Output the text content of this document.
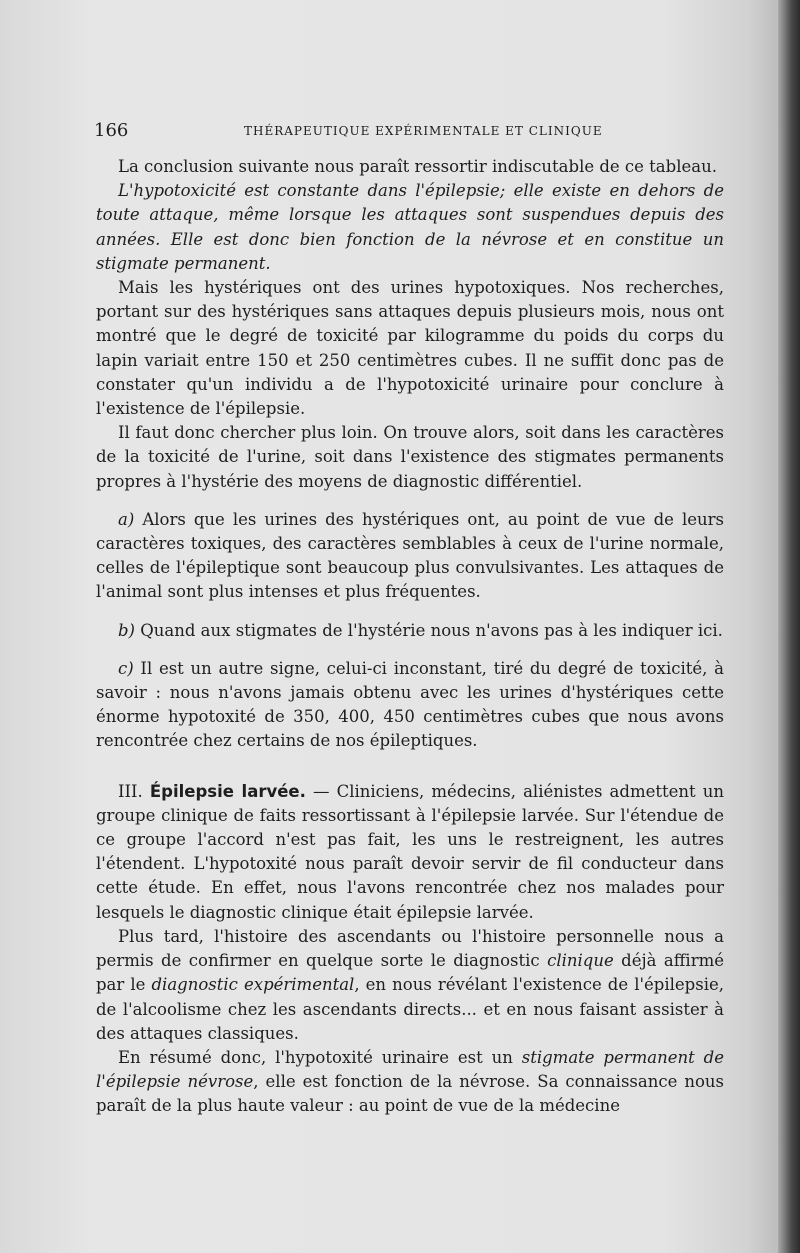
166	THÉRAPEUTIQUE EXPÉRIMENTALE ET CLINIQUE

La conclusion suivante nous paraît ressortir indiscutable de ce tableau.

L'hypotoxicité est constante dans l'épilepsie; elle existe en dehors de toute attaque, même lorsque les attaques sont suspendues depuis des années. Elle est donc bien fonction de la névrose et en constitue un stigmate permanent.

Mais les hystériques ont des urines hypotoxiques. Nos recherches, portant sur des hystériques sans attaques depuis plusieurs mois, nous ont montré que le degré de toxicité par kilogramme du poids du corps du lapin variait entre 150 et 250 centimètres cubes. Il ne suffit donc pas de constater qu'un individu a de l'hypotoxicité urinaire pour conclure à l'existence de l'épilepsie.

Il faut donc chercher plus loin. On trouve alors, soit dans les caractères de la toxicité de l'urine, soit dans l'existence des stigmates permanents propres à l'hystérie des moyens de diagnostic différentiel.

a) Alors que les urines des hystériques ont, au point de vue de leurs caractères toxiques, des caractères semblables à ceux de l'urine normale, celles de l'épileptique sont beaucoup plus convulsivantes. Les attaques de l'animal sont plus intenses et plus fréquentes.

b) Quand aux stigmates de l'hystérie nous n'avons pas à les indiquer ici.

c) Il est un autre signe, celui-ci inconstant, tiré du degré de toxicité, à savoir : nous n'avons jamais obtenu avec les urines d'hystériques cette énorme hypotoxité de 350, 400, 450 centimètres cubes que nous avons rencontrée chez certains de nos épileptiques.

III. Épilepsie larvée. — Cliniciens, médecins, aliénistes admettent un groupe clinique de faits ressortissant à l'épilepsie larvée. Sur l'étendue de ce groupe l'accord n'est pas fait, les uns le restreignent, les autres l'étendent. L'hypotoxité nous paraît devoir servir de fil conducteur dans cette étude. En effet, nous l'avons rencontrée chez nos malades pour lesquels le diagnostic clinique était épilepsie larvée.

Plus tard, l'histoire des ascendants ou l'histoire personnelle nous a permis de confirmer en quelque sorte le diagnostic clinique déjà affirmé par le diagnostic expérimental, en nous révélant l'existence de l'épilepsie, de l'alcoolisme chez les ascendants directs... et en nous faisant assister à des attaques classiques.

En résumé donc, l'hypotoxité urinaire est un stigmate permanent de l'épilepsie névrose, elle est fonction de la névrose. Sa connaissance nous paraît de la plus haute valeur : au point de vue de la médecine
